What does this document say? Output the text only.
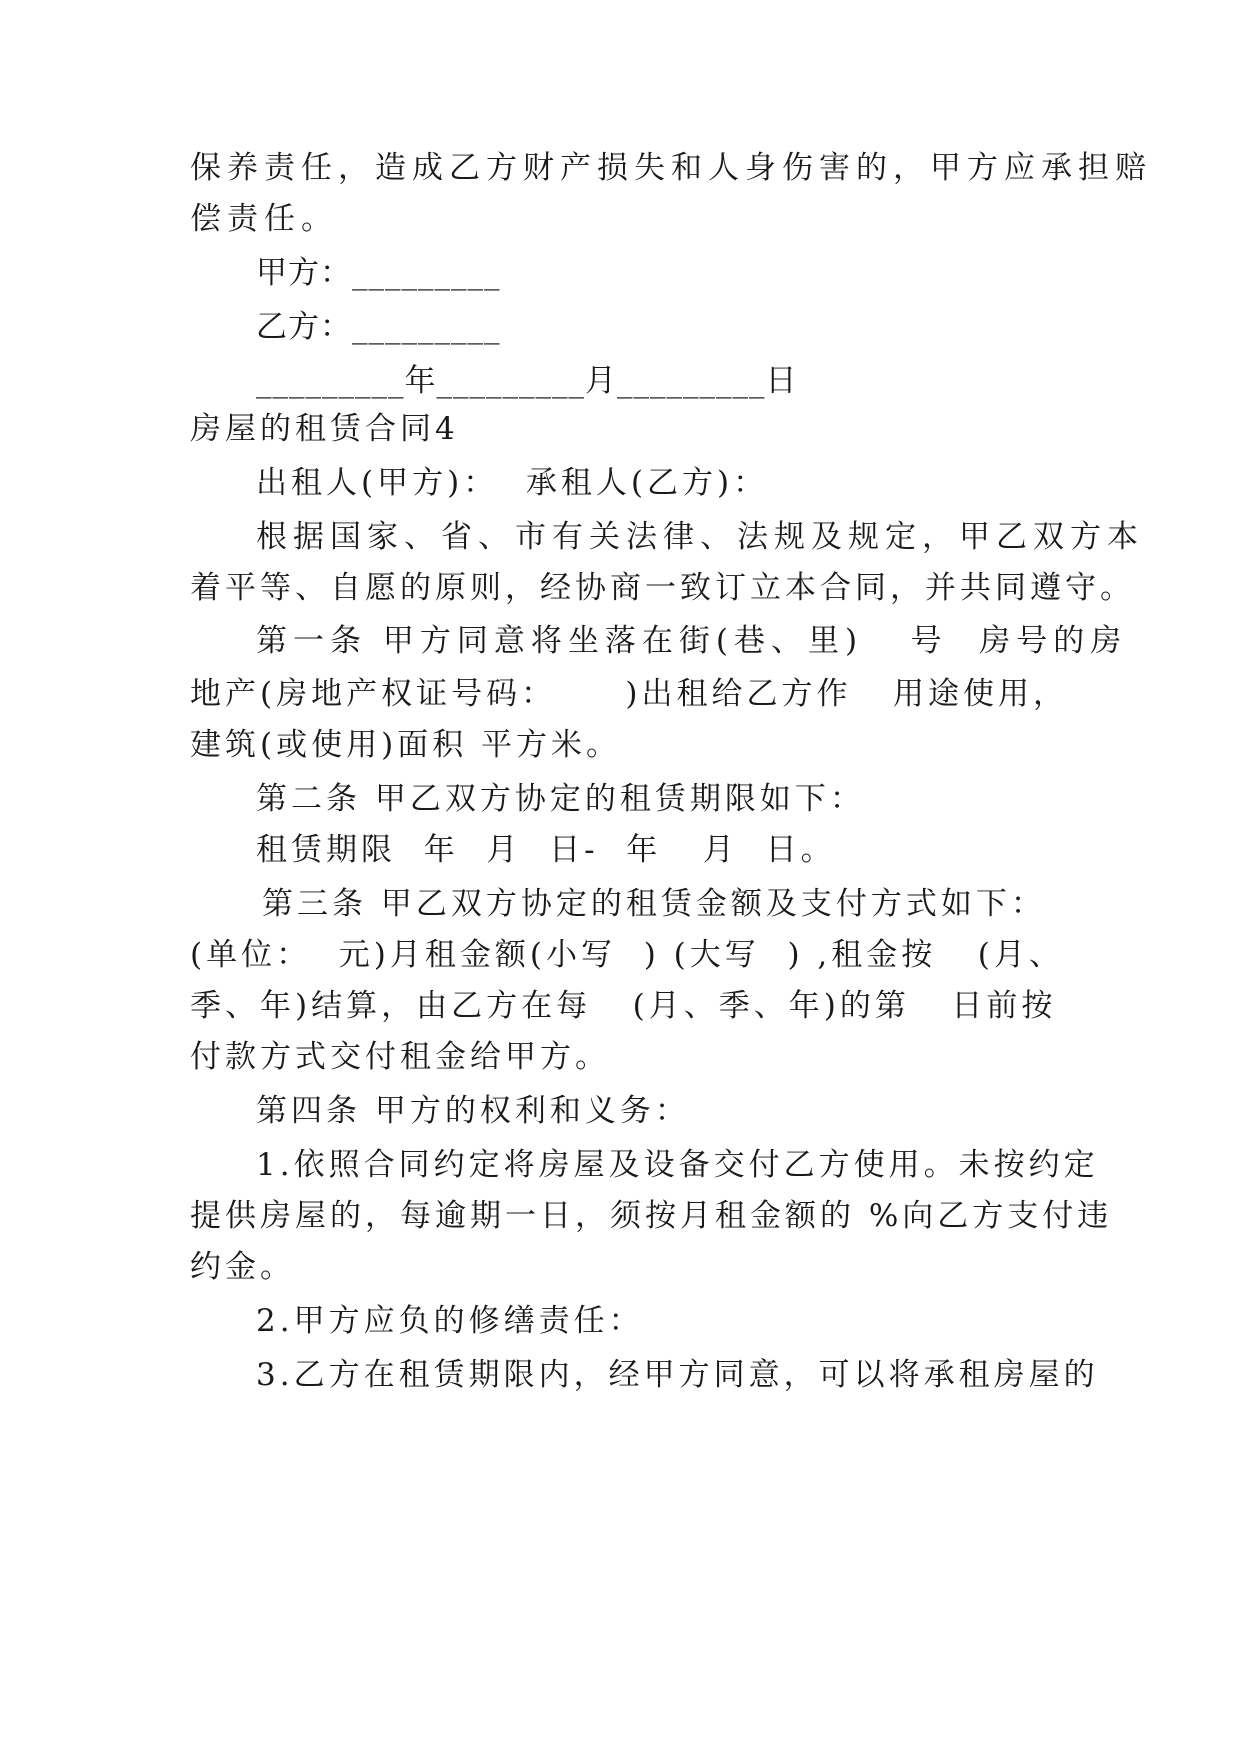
保养责任，造成乙方财产损失和人身伤害的，甲方应承担赔
偿责任。
甲方：_________
乙方：_________
_________年_________月_________日
房屋的租赁合同4
出租人(甲方)：  承租人(乙方)：
根据国家、省、市有关法律、法规及规定，甲乙双方本
着平等、自愿的原则，经协商一致订立本合同，并共同遵守。
第一条 甲方同意将坐落在街(巷、里)   号  房号的房
地产(房地产权证号码：     )出租给乙方作   用途使用，
建筑(或使用)面积 平方米。
第二条 甲乙双方协定的租赁期限如下：
租赁期限  年  月  日-  年   月  日。
第三条 甲乙双方协定的租赁金额及支付方式如下：
(单位：  元)月租金额(小写  ) (大写  ) ,租金按   (月、
季、年)结算，由乙方在每   (月、季、年)的第   日前按
付款方式交付租金给甲方。
第四条 甲方的权利和义务：
1.依照合同约定将房屋及设备交付乙方使用。未按约定
提供房屋的，每逾期一日，须按月租金额的 %向乙方支付违
约金。
2.甲方应负的修缮责任：
3.乙方在租赁期限内，经甲方同意，可以将承租房屋的
